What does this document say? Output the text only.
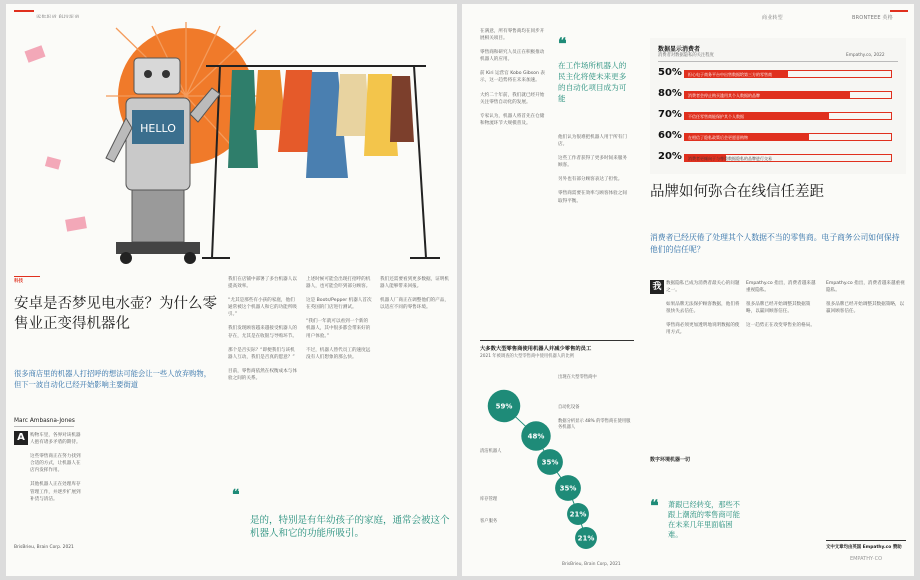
HELLO
科技
安卓是否梦见电水壶？为什么零售业正变得机器化
很多商店里的机器人打招呼的想法可能会让一些人放弃购物，但下一波自动化已经开始影响主要街道
Marc Ambasna-Jones
A	购物车里，各界对该机器人抱有诸多矛盾的期待。

这些零售商正在努力找到合适的方式，让机器人在店内发挥作用。

其他机器人正在处理库存管理工作，并逐步扩展到补货与清洁。

BrisBrieu, Brain Corp. 2021

我们在店铺中部署了多台机器人以提高效率。

“尤其是那些有小孩的家庭，他们通常被这个机器人和它的功能所吸引。”

我们发现顾客越来越接受机器人的存在，尤其是在收银与导购环节。

那个是否实际？“即便我们与该机器人互动，我们是否真的愿意？”

目前，零售商依然在权衡成本与体验之间的关系。

上述时候可能会出现打招呼的机器人，也可能会吓到部分顾客。

这是 Boots/Pepper 机器人首次在英国的门店进行测试。

“我们一年就可以看到一个新的机器人，其中很多都会带来好的用户体验。”

不过，机器人替代员工的速度远没有人们想象的那么快。

我们还需要看到更多数据，证明机器人能够带来回报。

机器人厂商正在调整他们的产品，以适应不同的零售环境。

❝
是的，特别是有年幼孩子的家庭，通常会被这个机器人和它的功能所吸引。
商业转型	BRONTEEE 英格

在满意，所有零售商均在同步开展相关项目。

零售商和研究人员正在积极推动机器人的应用。

前 Kiri 运营官 Kobo Gibson 表示，这一趋势将在未来加速。

大约二十年前，我们就已经开始关注零售自动化的发展。

专家认为，机器人将首先在仓储和物流环节大规模普及。

他们认为很难把机器人用于所有门店。

这些工作者获得了更多时间来服务顾客。

另外也有部分顾客表达了担忧。

零售商需要在效率与顾客体验之间取得平衡。

❝
在工作场所机器人的民主化将使未来更多的自动化项目成为可能
大多数大型零售商使用机器人并减少零售的员工
2021 年被调查的大型零售商中使用机器人的比例
59%
48%
35%
35%
21%
21%
出现在大型零售商中
自动化设备
数据分析显示 48% 的零售商在使用服务机器人
清洁机器人
库存管理
客户服务
BrisBrieu, Brain Corp, 2021
数据显示消费者
消费者对数据隐私的关注程度	Empathy.co, 2022
50% 担心电子商务平台中出售数据给第三方的零售商
80% 消费者会停止购买滥用其个人数据的品牌
70% 不信任零售商能保护其个人数据
60% 在相信了隐私政策后会更愿意购物
20% 消费者更倾向于与尊重数据隐私的品牌进行交易
品牌如何弥合在线信任差距
消费者已经厌倦了处理其个人数据不当的零售商。电子商务公司如何保持他们的信任呢？
我 数据隐私已成为消费者最关心的问题之一。

如果品牌无法保护顾客数据，他们将很快失去信任。

零售商必须更加透明地说明数据的使用方式。

数字环境机器一切

Empathy.co 指出，消费者越来越重视隐私。

很多品牌已经开始调整其数据策略，以赢回顾客信任。

这一趋势正在改变零售业的格局。

Empathy.co 指出，消费者越来越重视隐私。

很多品牌已经开始调整其数据策略，以赢回顾客信任。

❝ 萧跟已经转变，那些不跟上潮流的零售商可能在未来几年里面临困难。
文中文章均由英国 Empathy.co 赞助
EMPATHY·CO
